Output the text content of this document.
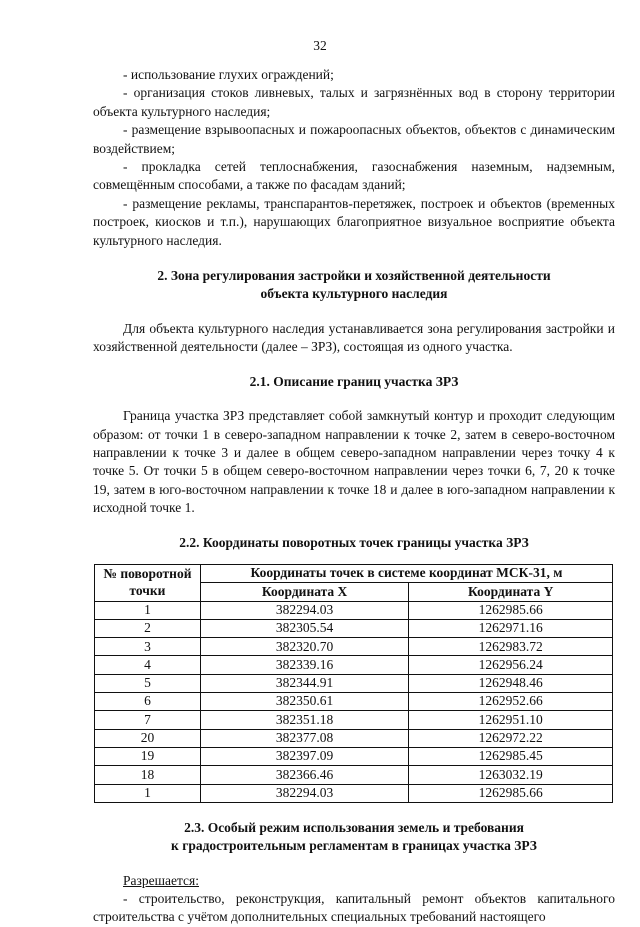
32

- использование глухих ограждений;

- организация стоков ливневых, талых и загрязнённых вод в сторону территории объекта культурного наследия;

- размещение взрывоопасных и пожароопасных объектов, объектов с динамическим воздействием;

- прокладка сетей теплоснабжения, газоснабжения наземным, надземным, совмещённым способами, а также по фасадам зданий;

- размещение рекламы, транспарантов-перетяжек, построек и объектов (временных построек, киосков и т.п.), нарушающих благоприятное визуальное восприятие объекта культурного наследия.

2. Зона регулирования застройки и хозяйственной деятельности

объекта культурного наследия

Для объекта культурного наследия устанавливается зона регулирования застройки и хозяйственной деятельности (далее – ЗРЗ), состоящая из одного участка.

2.1. Описание границ участка ЗРЗ

Граница участка ЗРЗ представляет собой замкнутый контур и проходит следующим образом: от точки 1 в северо-западном направлении к точке 2, затем в северо-восточном направлении к точке 3 и далее в общем северо-западном направлении через точку 4 к точке 5. От точки 5 в общем северо-восточном направлении через точки 6, 7, 20 к точке 19, затем в юго-восточном направлении к точке 18 и далее в юго-западном направлении к исходной точке 1.

2.2. Координаты поворотных точек границы участка ЗРЗ

№ поворотной точки	Координаты точек в системе координат МСК-31, м	
	Координата X	Координата Y
1	382294.03	1262985.66
2	382305.54	1262971.16
3	382320.70	1262983.72
4	382339.16	1262956.24
5	382344.91	1262948.46
6	382350.61	1262952.66
7	382351.18	1262951.10
20	382377.08	1262972.22
19	382397.09	1262985.45
18	382366.46	1263032.19
1	382294.03	1262985.66

2.3. Особый режим использования земель и требования

к градостроительным регламентам в границах участка ЗРЗ

Разрешается:

- строительство, реконструкция, капитальный ремонт объектов капитального строительства с учётом дополнительных специальных требований настоящего
